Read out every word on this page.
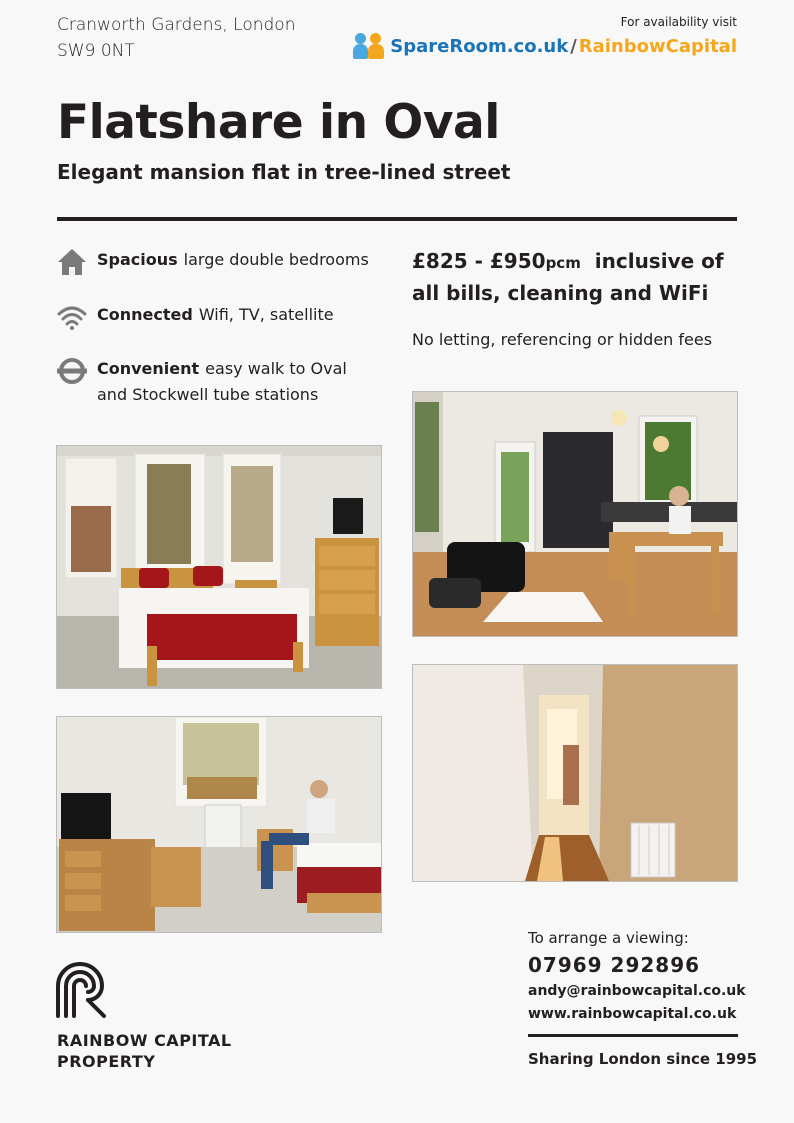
Cranworth Gardens, London
SW9 0NT
For availability visit
SpareRoom.co.uk / RainbowCapital
Flatshare in Oval
Elegant mansion flat in tree-lined street
Spacious large double bedrooms
Connected Wifi, TV, satellite
Convenient easy walk to Oval
and Stockwell tube stations
£825 - £950pcm inclusive of
all bills, cleaning and WiFi
No letting, referencing or hidden fees
RAINBOW CAPITAL
PROPERTY
To arrange a viewing:
07969 292896
andy@rainbowcapital.co.uk
www.rainbowcapital.co.uk
Sharing London since 1995
